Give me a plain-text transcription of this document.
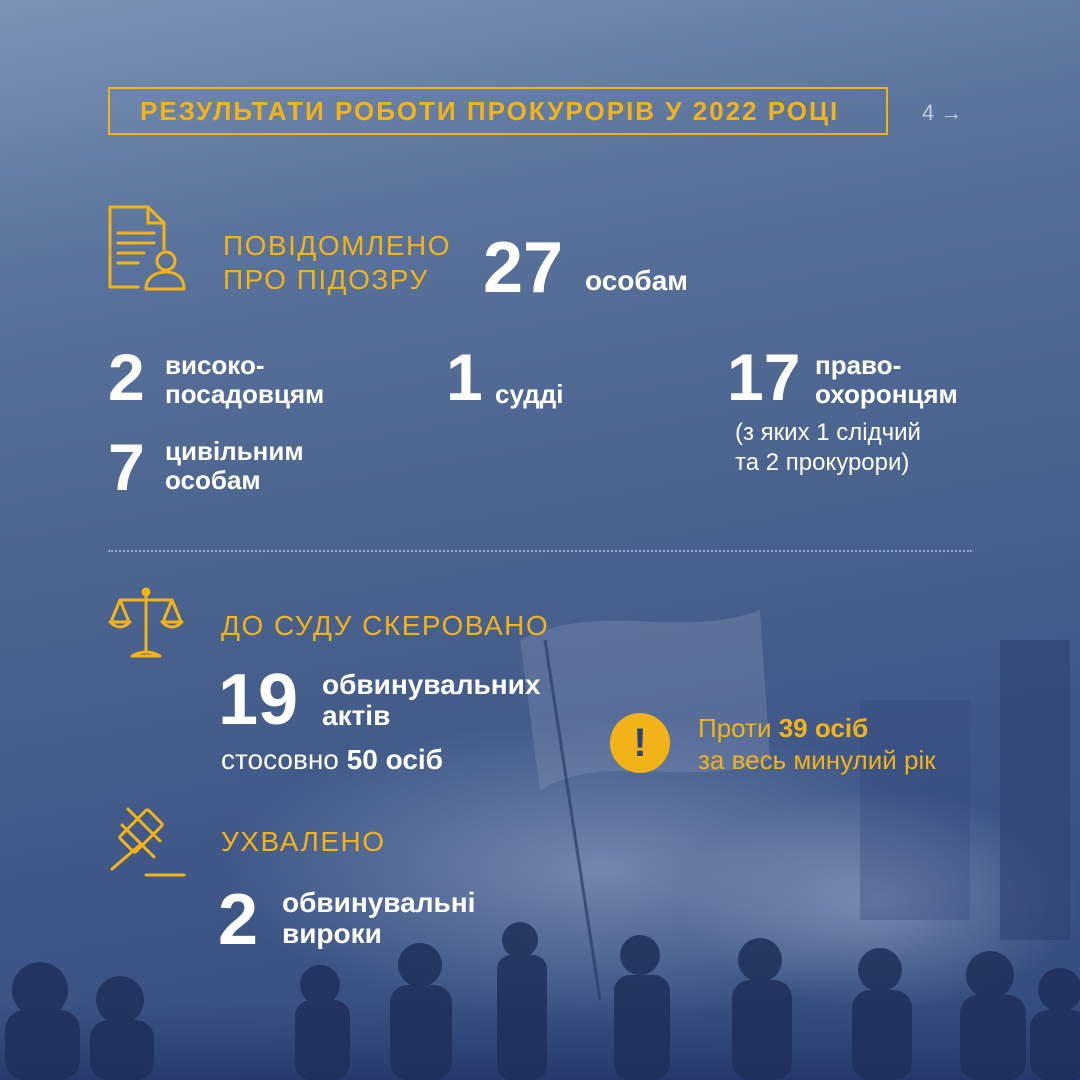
РЕЗУЛЬТАТИ РОБОТИ ПРОКУРОРІВ У 2022 РОЦІ	4 →
ПОВІДОМЛЕНО
ПРО ПІДОЗРУ 27 особам
2 високо-
посадовцям 1 судді 17 право-
охоронцям
(з яких 1 слідчий
та 2 прокурори)
7 цивільним
особам
ДО СУДУ СКЕРОВАНО
19 обвинувальних
актів
стосовно 50 осіб	!	Проти 39 осіб
за весь минулий рік
УХВАЛЕНО
2 обвинувальні
вироки
